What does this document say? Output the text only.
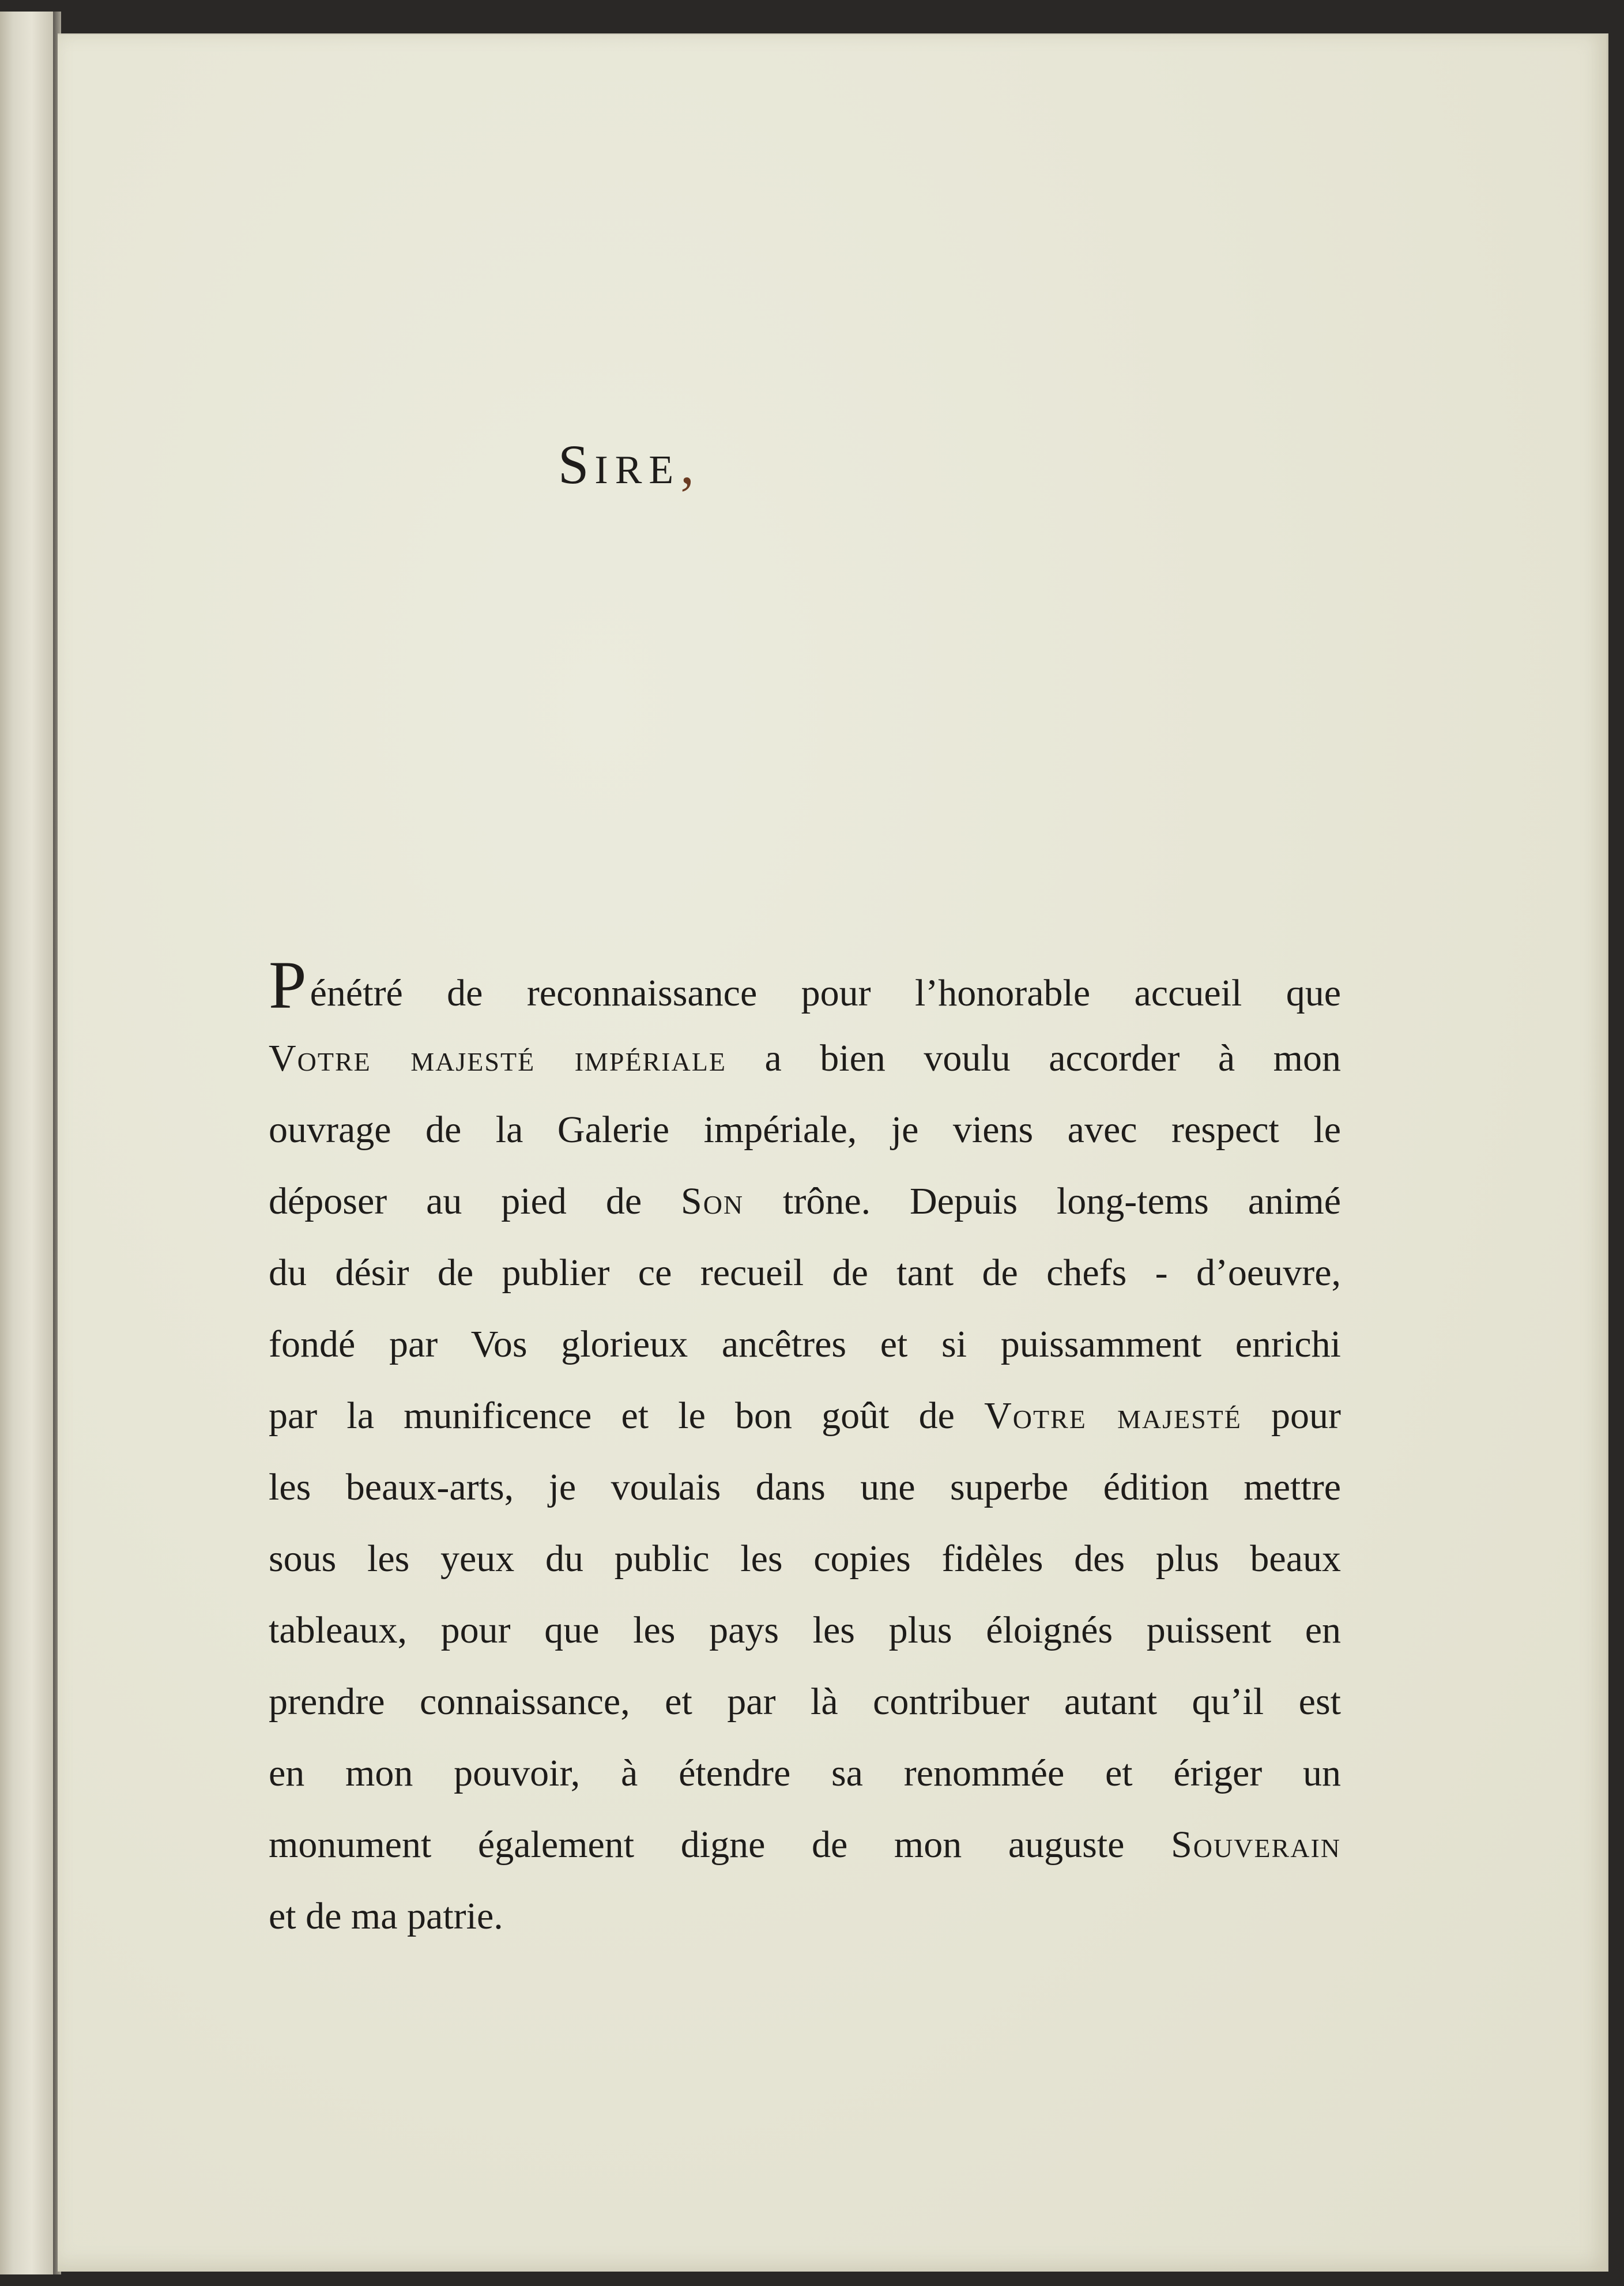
SIRE,
Pénétré de reconnaissance pour l’honorable accueil que
Votre majesté impériale a bien voulu accorder à mon
ouvrage de la Galerie impériale, je viens avec respect le
déposer au pied de Son trône. Depuis long-tems animé
du désir de publier ce recueil de tant de chefs - d’oeuvre,
fondé par Vos glorieux ancêtres et si puissamment enrichi
par la munificence et le bon goût de Votre majesté pour
les beaux-arts, je voulais dans une superbe édition mettre
sous les yeux du public les copies fidèles des plus beaux
tableaux, pour que les pays les plus éloignés puissent en
prendre connaissance, et par là contribuer autant qu’il est
en mon pouvoir, à étendre sa renommée et ériger un
monument également digne de mon auguste Souverain
et de ma patrie.
